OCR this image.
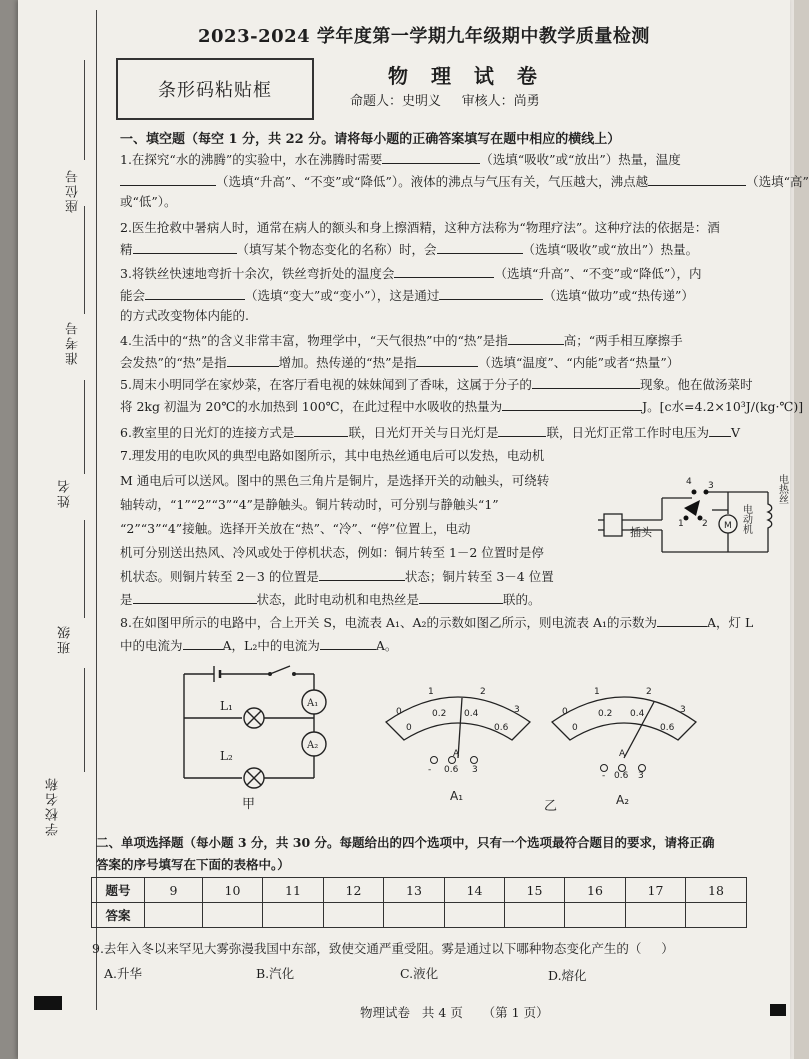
座位号
准考号
姓名
班级
学校名称
2023-2024 学年度第一学期九年级期中教学质量检测
物 理 试 卷
命题人：史明义     审核人：尚勇
条形码粘贴框
一、填空题（每空 1 分，共 22 分。请将每小题的正确答案填写在题中相应的横线上）
1.在探究“水的沸腾”的实验中，水在沸腾时需要	（选填“吸收”或“放出”）热量，温度
（选填“升高”、“不变”或“降低”）。液体的沸点与气压有关，气压越大，沸点越	（选填“高”
或“低”）。
2.医生抢救中暑病人时，通常在病人的额头和身上擦酒精，这种方法称为“物理疗法”。这种疗法的依据是：酒
精	（填写某个物态变化的名称）时，会	（选填“吸收”或“放出”）热量。
3.将铁丝快速地弯折十余次，铁丝弯折处的温度会	（选填“升高”、“不变”或“降低”），内
能会	（选填“变大”或“变小”），这是通过	（选填“做功”或“热传递”）
的方式改变物体内能的.
4.生活中的“热”的含义非常丰富，物理学中，“天气很热”中的“热”是指	高；“两手相互摩擦手
会发热”的“热”是指	增加。热传递的“热”是指	（选填“温度”、“内能”或者“热量”）
5.周末小明同学在家炒菜，在客厅看电视的妹妹闻到了香味，这属于分子的	现象。他在做汤菜时
将 2kg 初温为 20℃的水加热到 100℃，在此过程中水吸收的热量为	J。[c水=4.2×10³J/(kg·℃)]
6.教室里的日光灯的连接方式是	联，日光灯开关与日光灯是	联，日光灯正常工作时电压为 V
7.理发用的电吹风的典型电路如图所示，其中电热丝通电后可以发热，电动机
M 通电后可以送风。图中的黑色三角片是铜片，是选择开关的动触头，可绕转
轴转动，“1”“2”“3”“4”是静触头。铜片转动时，可分别与静触头“1”
“2”“3”“4”接触。选择开关放在“热”、“冷”、“停”位置上，电动
机可分别送出热风、冷风或处于停机状态，例如：铜片转至 1－2 位置时是停
机状态。则铜片转至 2－3 的位置是	状态；铜片转至 3－4 位置
是	状态，此时电动机和电热丝是	联的。
4 3
1 2
插头	M 电动机
电热丝
8.在如图甲所示的电路中，合上开关 S，电流表 A₁、A₂的示数如图乙所示，则电流表 A₁的示数为	A，灯 L
中的电流为	A，L₂中的电流为	A。
L₁
L₂
A₁
A₂
甲
0
1	2
3
0
0.2 0.4
0.6
A
- 0.6 3
A₁
0
1	2
3
0
0.2 0.4
0.6
A
- 0.6 3
A₂
乙
二、单项选择题（每小题 3 分，共 30 分。每题给出的四个选项中，只有一个选项最符合题目的要求，请将正确
答案的序号填写在下面的表格中。）
题号	9	10	11	12	13	14	15	16	17	18
答案										
9.去年入冬以来罕见大雾弥漫我国中东部，致使交通严重受阻。雾是通过以下哪种物态变化产生的（     ）
A.升华	B.汽化	C.液化	D.熔化
物理试卷   共 4 页     （第 1 页）
